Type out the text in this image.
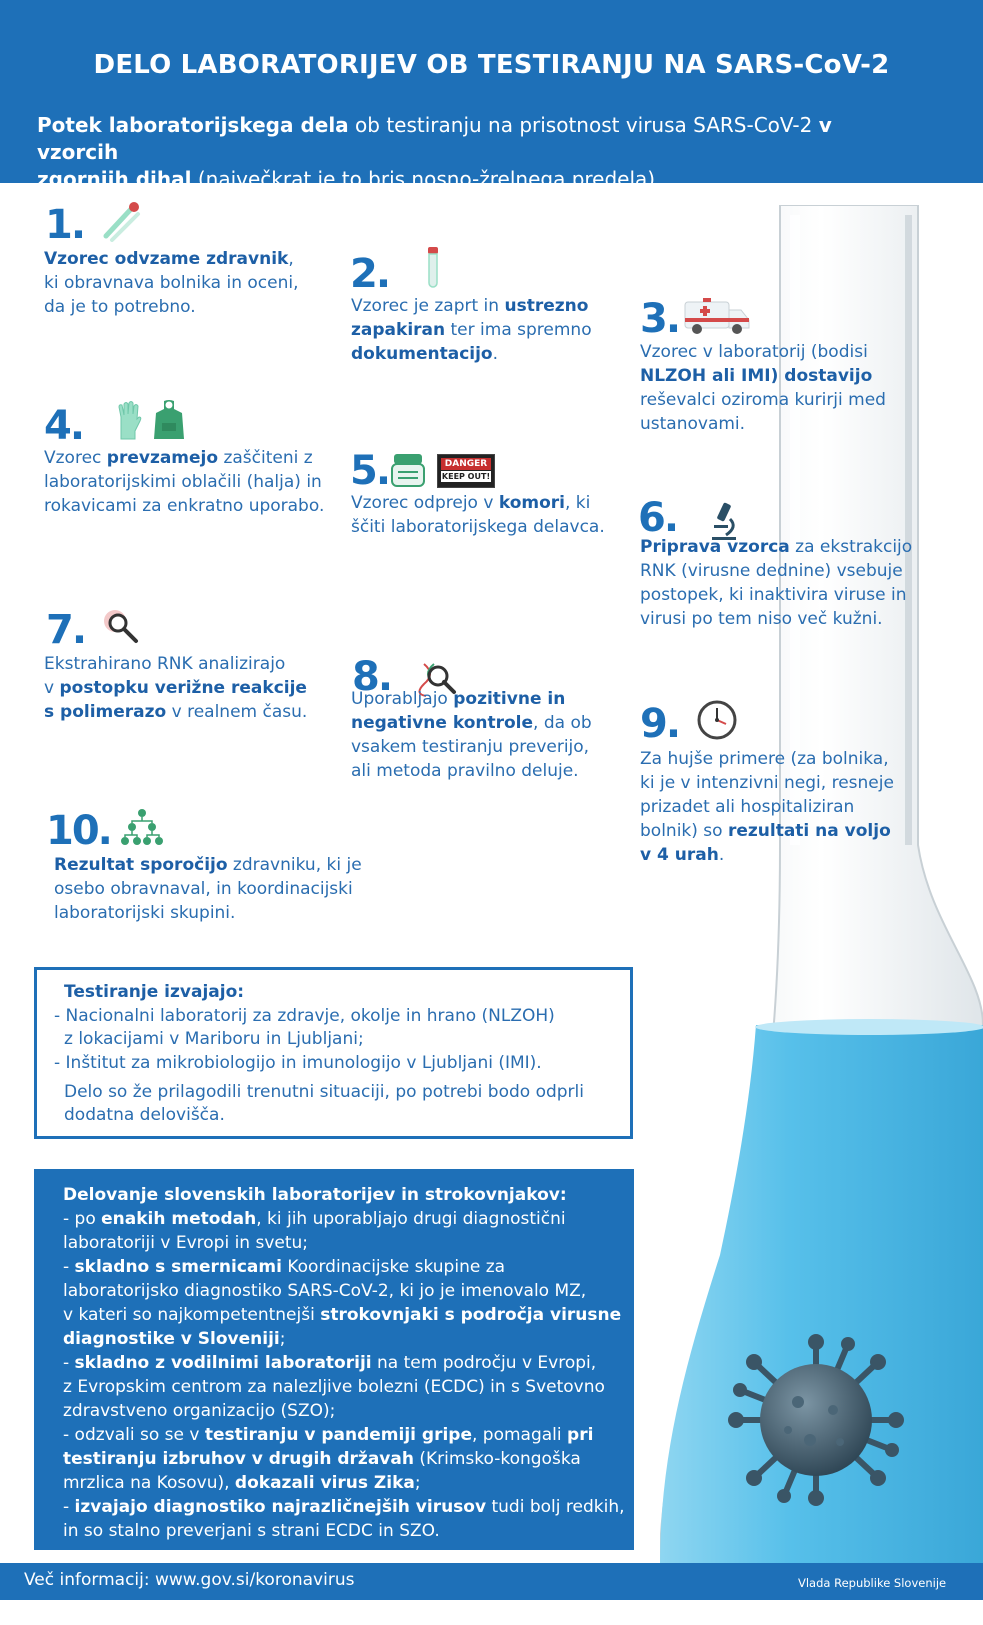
DELO LABORATORIJEV OB TESTIRANJU NA SARS-CoV-2
Potek laboratorijskega dela ob testiranju na prisotnost virusa SARS-CoV-2 v vzorcih
zgornjih dihal (največkrat je to bris nosno-žrelnega predela).
1.
Vzorec odvzame zdravnik,
ki obravnava bolnika in oceni,
da je to potrebno.
2.
Vzorec je zaprt in ustrezno
zapakiran ter ima spremno
dokumentacijo.
3.
Vzorec v laboratorij (bodisi
NLZOH ali IMI) dostavijo
reševalci oziroma kurirji med
ustanovami.
4.
Vzorec prevzamejo zaščiteni z
laboratorijskimi oblačili (halja) in
rokavicami za enkratno uporabo.
5.	DANGER
KEEP OUT!
Vzorec odprejo v komori, ki
ščiti laboratorijskega delavca. 6.
Priprava vzorca za ekstrakcijo
RNK (virusne dednine) vsebuje
postopek, ki inaktivira viruse in
virusi po tem niso več kužni.
7.
Ekstrahirano RNK analizirajo
v postopku verižne reakcije
s polimerazo v realnem času.
8.
Uporabljajo pozitivne in
negativne kontrole, da ob
vsakem testiranju preverijo,
ali metoda pravilno deluje.
9.
Za hujše primere (za bolnika,
ki je v intenzivni negi, resneje
prizadet ali hospitaliziran
bolnik) so rezultati na voljo
v 4 urah.
10.
Rezultat sporočijo zdravniku, ki je
osebo obravnaval, in koordinacijski
laboratorijski skupini.
Testiranje izvajajo:
- Nacionalni laboratorij za zdravje, okolje in hrano (NLZOH)
z lokacijami v Mariboru in Ljubljani;
- Inštitut za mikrobiologijo in imunologijo v Ljubljani (IMI).
Delo so že prilagodili trenutni situaciji, po potrebi bodo odprli
dodatna delovišča.
Delovanje slovenskih laboratorijev in strokovnjakov:
- po enakih metodah, ki jih uporabljajo drugi diagnostični
laboratoriji v Evropi in svetu;
- skladno s smernicami Koordinacijske skupine za
laboratorijsko diagnostiko SARS-CoV-2, ki jo je imenovalo MZ,
v kateri so najkompetentnejši strokovnjaki s področja virusne
diagnostike v Sloveniji;
- skladno z vodilnimi laboratoriji na tem področju v Evropi,
z Evropskim centrom za nalezljive bolezni (ECDC) in s Svetovno
zdravstveno organizacijo (SZO);
- odzvali so se v testiranju v pandemiji gripe, pomagali pri
testiranju izbruhov v drugih državah (Krimsko-kongoška
mrzlica na Kosovu), dokazali virus Zika;
- izvajajo diagnostiko najrazličnejših virusov tudi bolj redkih,
in so stalno preverjani s strani ECDC in SZO.
Več informacij: www.gov.si/koronavirus	Vlada Republike Slovenije
